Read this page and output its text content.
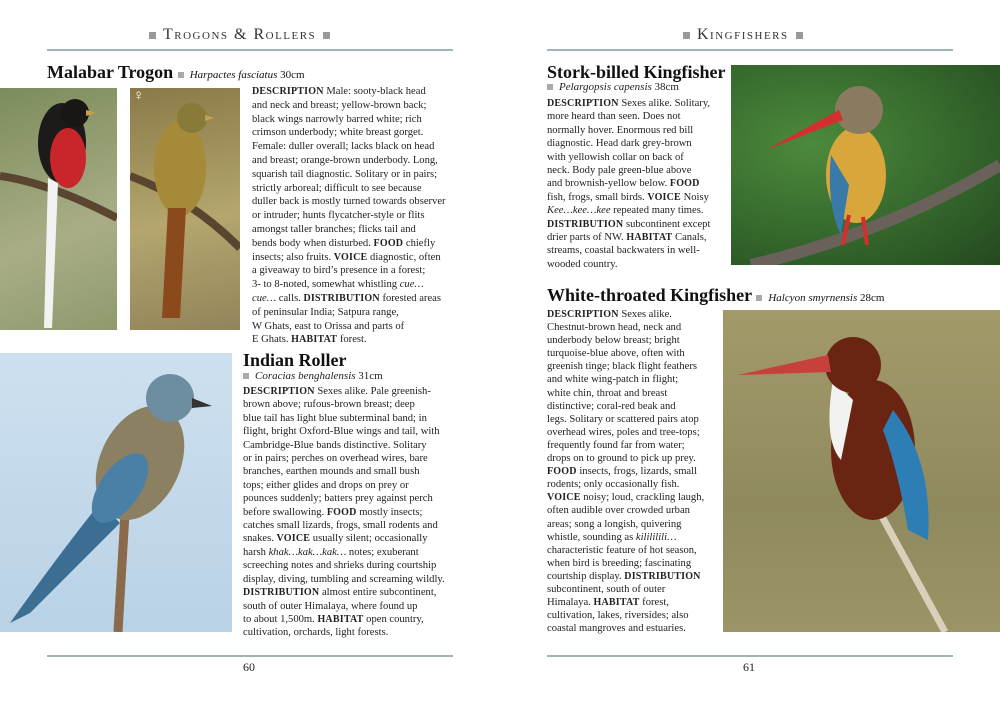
Trogons & Rollers
Malabar Trogon Harpactes fasciatus 30cm
♀	DESCRIPTION Male: sooty-black head
and neck and breast; yellow-brown back;
black wings narrowly barred white; rich
crimson underbody; white breast gorget.
Female: duller overall; lacks black on head
and breast; orange-brown underbody. Long,
squarish tail diagnostic. Solitary or in pairs;
strictly arboreal; difficult to see because
duller back is mostly turned towards observer
or intruder; hunts flycatcher-style or flits
amongst taller branches; flicks tail and
bends body when disturbed. FOOD chiefly
insects; also fruits. VOICE diagnostic, often
a giveaway to bird’s presence in a forest;
3- to 8-noted, somewhat whistling cue…
cue… calls. DISTRIBUTION forested areas
of peninsular India; Satpura range,
W Ghats, east to Orissa and parts of
E Ghats. HABITAT forest.
Indian Roller
Coracias benghalensis 31cm
DESCRIPTION Sexes alike. Pale greenish-
brown above; rufous-brown breast; deep
blue tail has light blue subterminal band; in
flight, bright Oxford-Blue wings and tail, with
Cambridge-Blue bands distinctive. Solitary
or in pairs; perches on overhead wires, bare
branches, earthen mounds and small bush
tops; either glides and drops on prey or
pounces suddenly; batters prey against perch
before swallowing. FOOD mostly insects;
catches small lizards, frogs, small rodents and
snakes. VOICE usually silent; occasionally
harsh khak…kak…kak… notes; exuberant
screeching notes and shrieks during courtship
display, diving, tumbling and screaming wildly.
DISTRIBUTION almost entire subcontinent,
south of outer Himalaya, where found up
to about 1,500m. HABITAT open country,
cultivation, orchards, light forests.
60
Kingfishers
Stork-billed Kingfisher
Pelargopsis capensis 38cm
DESCRIPTION Sexes alike. Solitary,
more heard than seen. Does not
normally hover. Enormous red bill
diagnostic. Head dark grey-brown
with yellowish collar on back of
neck. Body pale green-blue above
and brownish-yellow below. FOOD
fish, frogs, small birds. VOICE Noisy
Kee…kee…kee repeated many times.
DISTRIBUTION subcontinent except
drier parts of NW. HABITAT Canals,
streams, coastal backwaters in well-
wooded country.
White-throated Kingfisher Halcyon smyrnensis 28cm
DESCRIPTION Sexes alike.
Chestnut-brown head, neck and
underbody below breast; bright
turquoise-blue above, often with
greenish tinge; black flight feathers
and white wing-patch in flight;
white chin, throat and breast
distinctive; coral-red beak and
legs. Solitary or scattered pairs atop
overhead wires, poles and tree-tops;
frequently found far from water;
drops on to ground to pick up prey.
FOOD insects, frogs, lizards, small
rodents; only occasionally fish.
VOICE noisy; loud, crackling laugh,
often audible over crowded urban
areas; song a longish, quivering
whistle, sounding as kilililili…
characteristic feature of hot season,
when bird is breeding; fascinating
courtship display. DISTRIBUTION
subcontinent, south of outer
Himalaya. HABITAT forest,
cultivation, lakes, riversides; also
coastal mangroves and estuaries.
61
